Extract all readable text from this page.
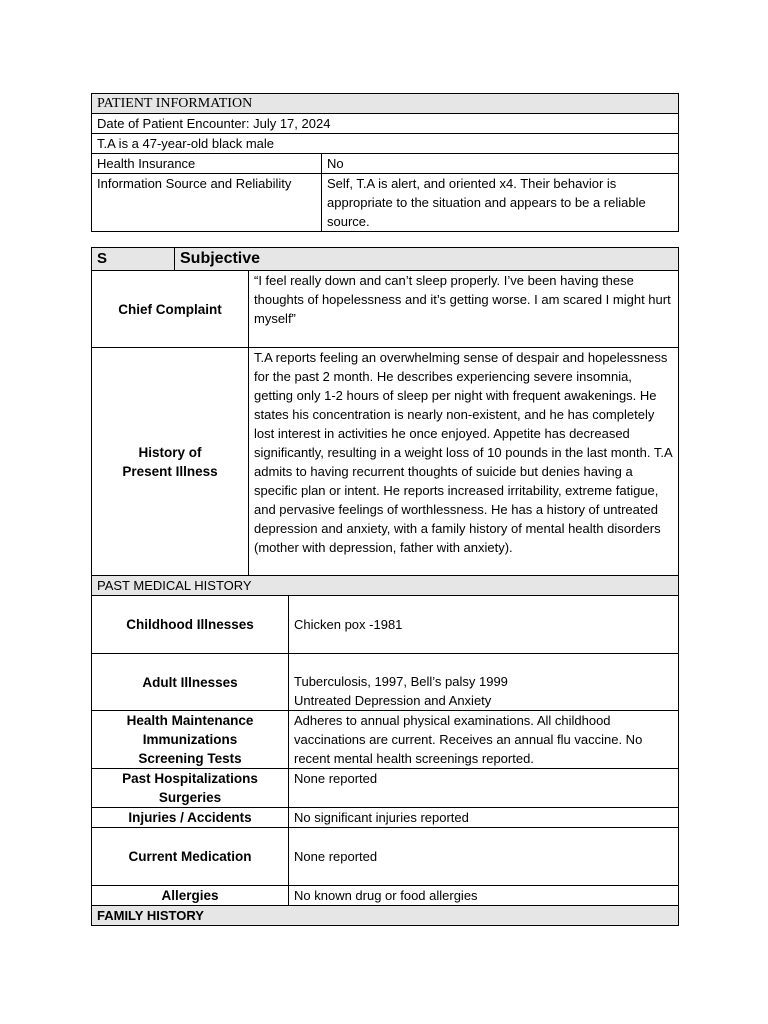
PATIENT INFORMATION	
Date of Patient Encounter: July 17, 2024	
T.A is a 47-year-old black male	
Health Insurance	No
Information Source and Reliability	Self, T.A is alert, and oriented x4. Their behavior is appropriate to the situation and appears to be a reliable source.
S	Subjective		
Chief Complaint		“I feel really down and can’t sleep properly. I’ve been having these thoughts of hopelessness and it’s getting worse. I am scared I might hurt myself”	

History of
Present Illness		T.A reports feeling an overwhelming sense of despair and hopelessness for the past 2 month. He describes experiencing severe insomnia, getting only 1-2 hours of sleep per night with frequent awakenings. He states his concentration is nearly non-existent, and he has completely lost interest in activities he once enjoyed. Appetite has decreased significantly, resulting in a weight loss of 10 pounds in the last month. T.A admits to having recurrent thoughts of suicide but denies having a specific plan or intent. He reports increased irritability, extreme fatigue, and pervasive feelings of worthlessness. He has a history of untreated depression and anxiety, with a family history of mental health disorders (mother with depression, father with anxiety).	
PAST MEDICAL HISTORY			
Childhood Illnesses			Chicken pox -1981
Adult Illnesses			Tuberculosis, 1997, Bell’s palsy 1999
Untreated Depression and Anxiety

Health Maintenance
Immunizations
Screening Tests			Adheres to annual physical examinations. All childhood vaccinations are current. Receives an annual flu vaccine. No recent mental health screenings reported.

Past Hospitalizations
Surgeries			None reported
Injuries / Accidents			No significant injuries reported
Current Medication			None reported
Allergies			No known drug or food allergies
FAMILY HISTORY			
